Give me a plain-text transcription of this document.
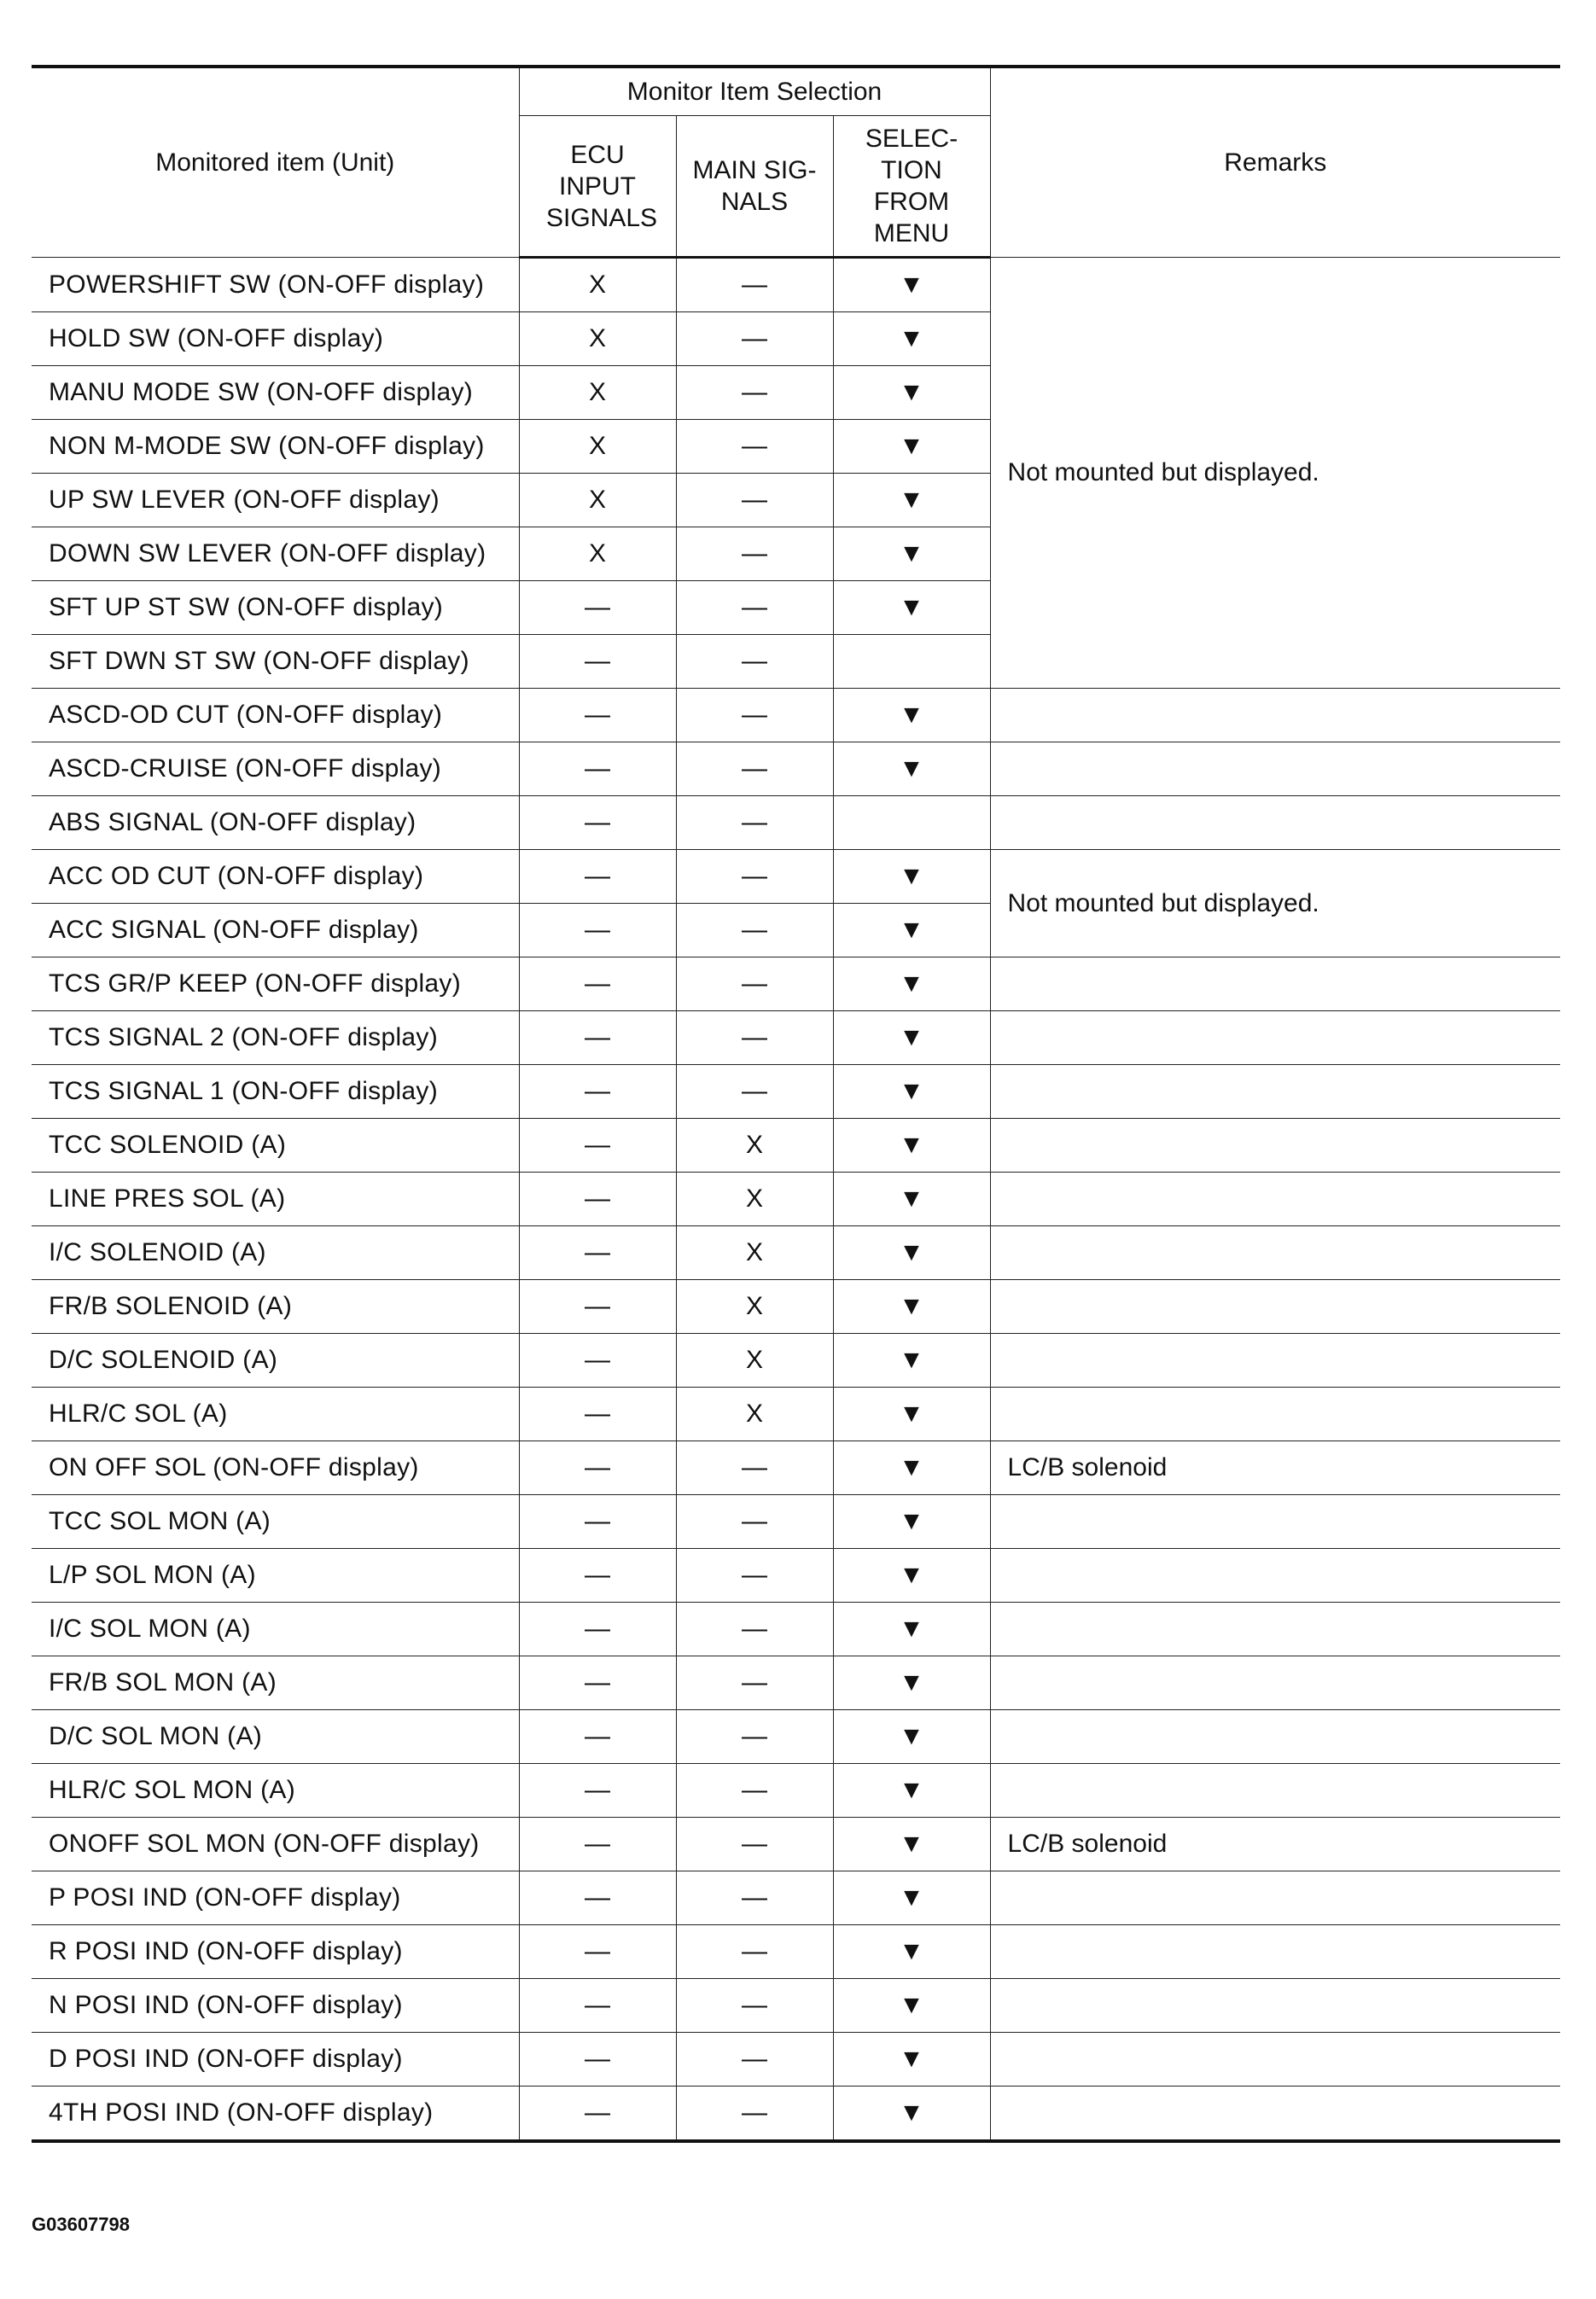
Monitored item (Unit)	Monitor Item Selection			Remarks
	ECU INPUT SIGNALS	MAIN SIG-NALS	SELEC-TION FROM MENU	
POWERSHIFT SW (ON-OFF display)	X	—	▼	Not mounted but displayed.
HOLD SW (ON-OFF display)	X	—	▼	
MANU MODE SW (ON-OFF display)	X	—	▼	
NON M-MODE SW (ON-OFF display)	X	—	▼	
UP SW LEVER (ON-OFF display)	X	—	▼	
DOWN SW LEVER (ON-OFF display)	X	—	▼	
SFT UP ST SW (ON-OFF display)	—	—	▼	
SFT DWN ST SW (ON-OFF display)	—	—		
ASCD-OD CUT (ON-OFF display)	—	—	▼	
ASCD-CRUISE (ON-OFF display)	—	—	▼	
ABS SIGNAL (ON-OFF display)	—	—		
ACC OD CUT (ON-OFF display)	—	—	▼	Not mounted but displayed.
ACC SIGNAL (ON-OFF display)	—	—	▼	
TCS GR/P KEEP (ON-OFF display)	—	—	▼	
TCS SIGNAL 2 (ON-OFF display)	—	—	▼	
TCS SIGNAL 1 (ON-OFF display)	—	—	▼	
TCC SOLENOID (A)	—	X	▼	
LINE PRES SOL (A)	—	X	▼	
I/C SOLENOID (A)	—	X	▼	
FR/B SOLENOID (A)	—	X	▼	
D/C SOLENOID (A)	—	X	▼	
HLR/C SOL (A)	—	X	▼	
ON OFF SOL (ON-OFF display)	—	—	▼	LC/B solenoid
TCC SOL MON (A)	—	—	▼	
L/P SOL MON (A)	—	—	▼	
I/C SOL MON (A)	—	—	▼	
FR/B SOL MON (A)	—	—	▼	
D/C SOL MON (A)	—	—	▼	
HLR/C SOL MON (A)	—	—	▼	
ONOFF SOL MON (ON-OFF display)	—	—	▼	LC/B solenoid
P POSI IND (ON-OFF display)	—	—	▼	
R POSI IND (ON-OFF display)	—	—	▼	
N POSI IND (ON-OFF display)	—	—	▼	
D POSI IND (ON-OFF display)	—	—	▼	
4TH POSI IND (ON-OFF display)	—	—	▼	
G03607798
